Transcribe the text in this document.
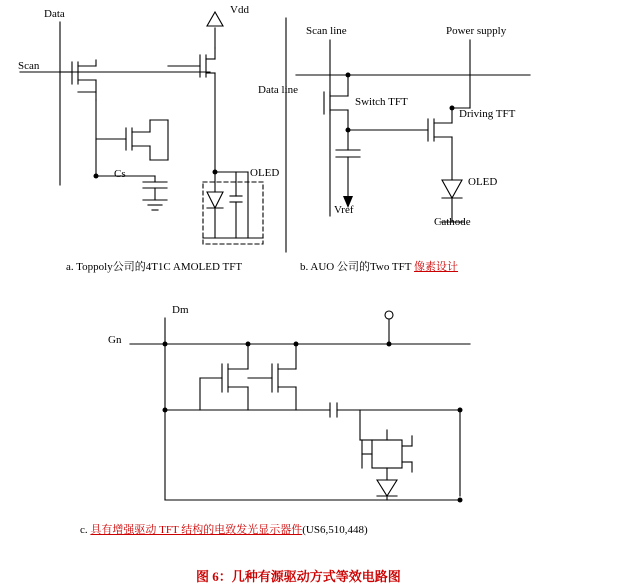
Data	Vdd
Scan
Cs	OLED
Scan line	Power supply
Data line
Switch TFT
Driving TFT
OLED
Vref
Cathode
Dm
Gn
a. Toppoly公司的4T1C AMOLED TFT	b. AUO 公司的Two TFT 像素设计
c. 具有增强驱动 TFT 结构的电致发光显示器件(US6,510,448)
图 6：几种有源驱动方式等效电路图
